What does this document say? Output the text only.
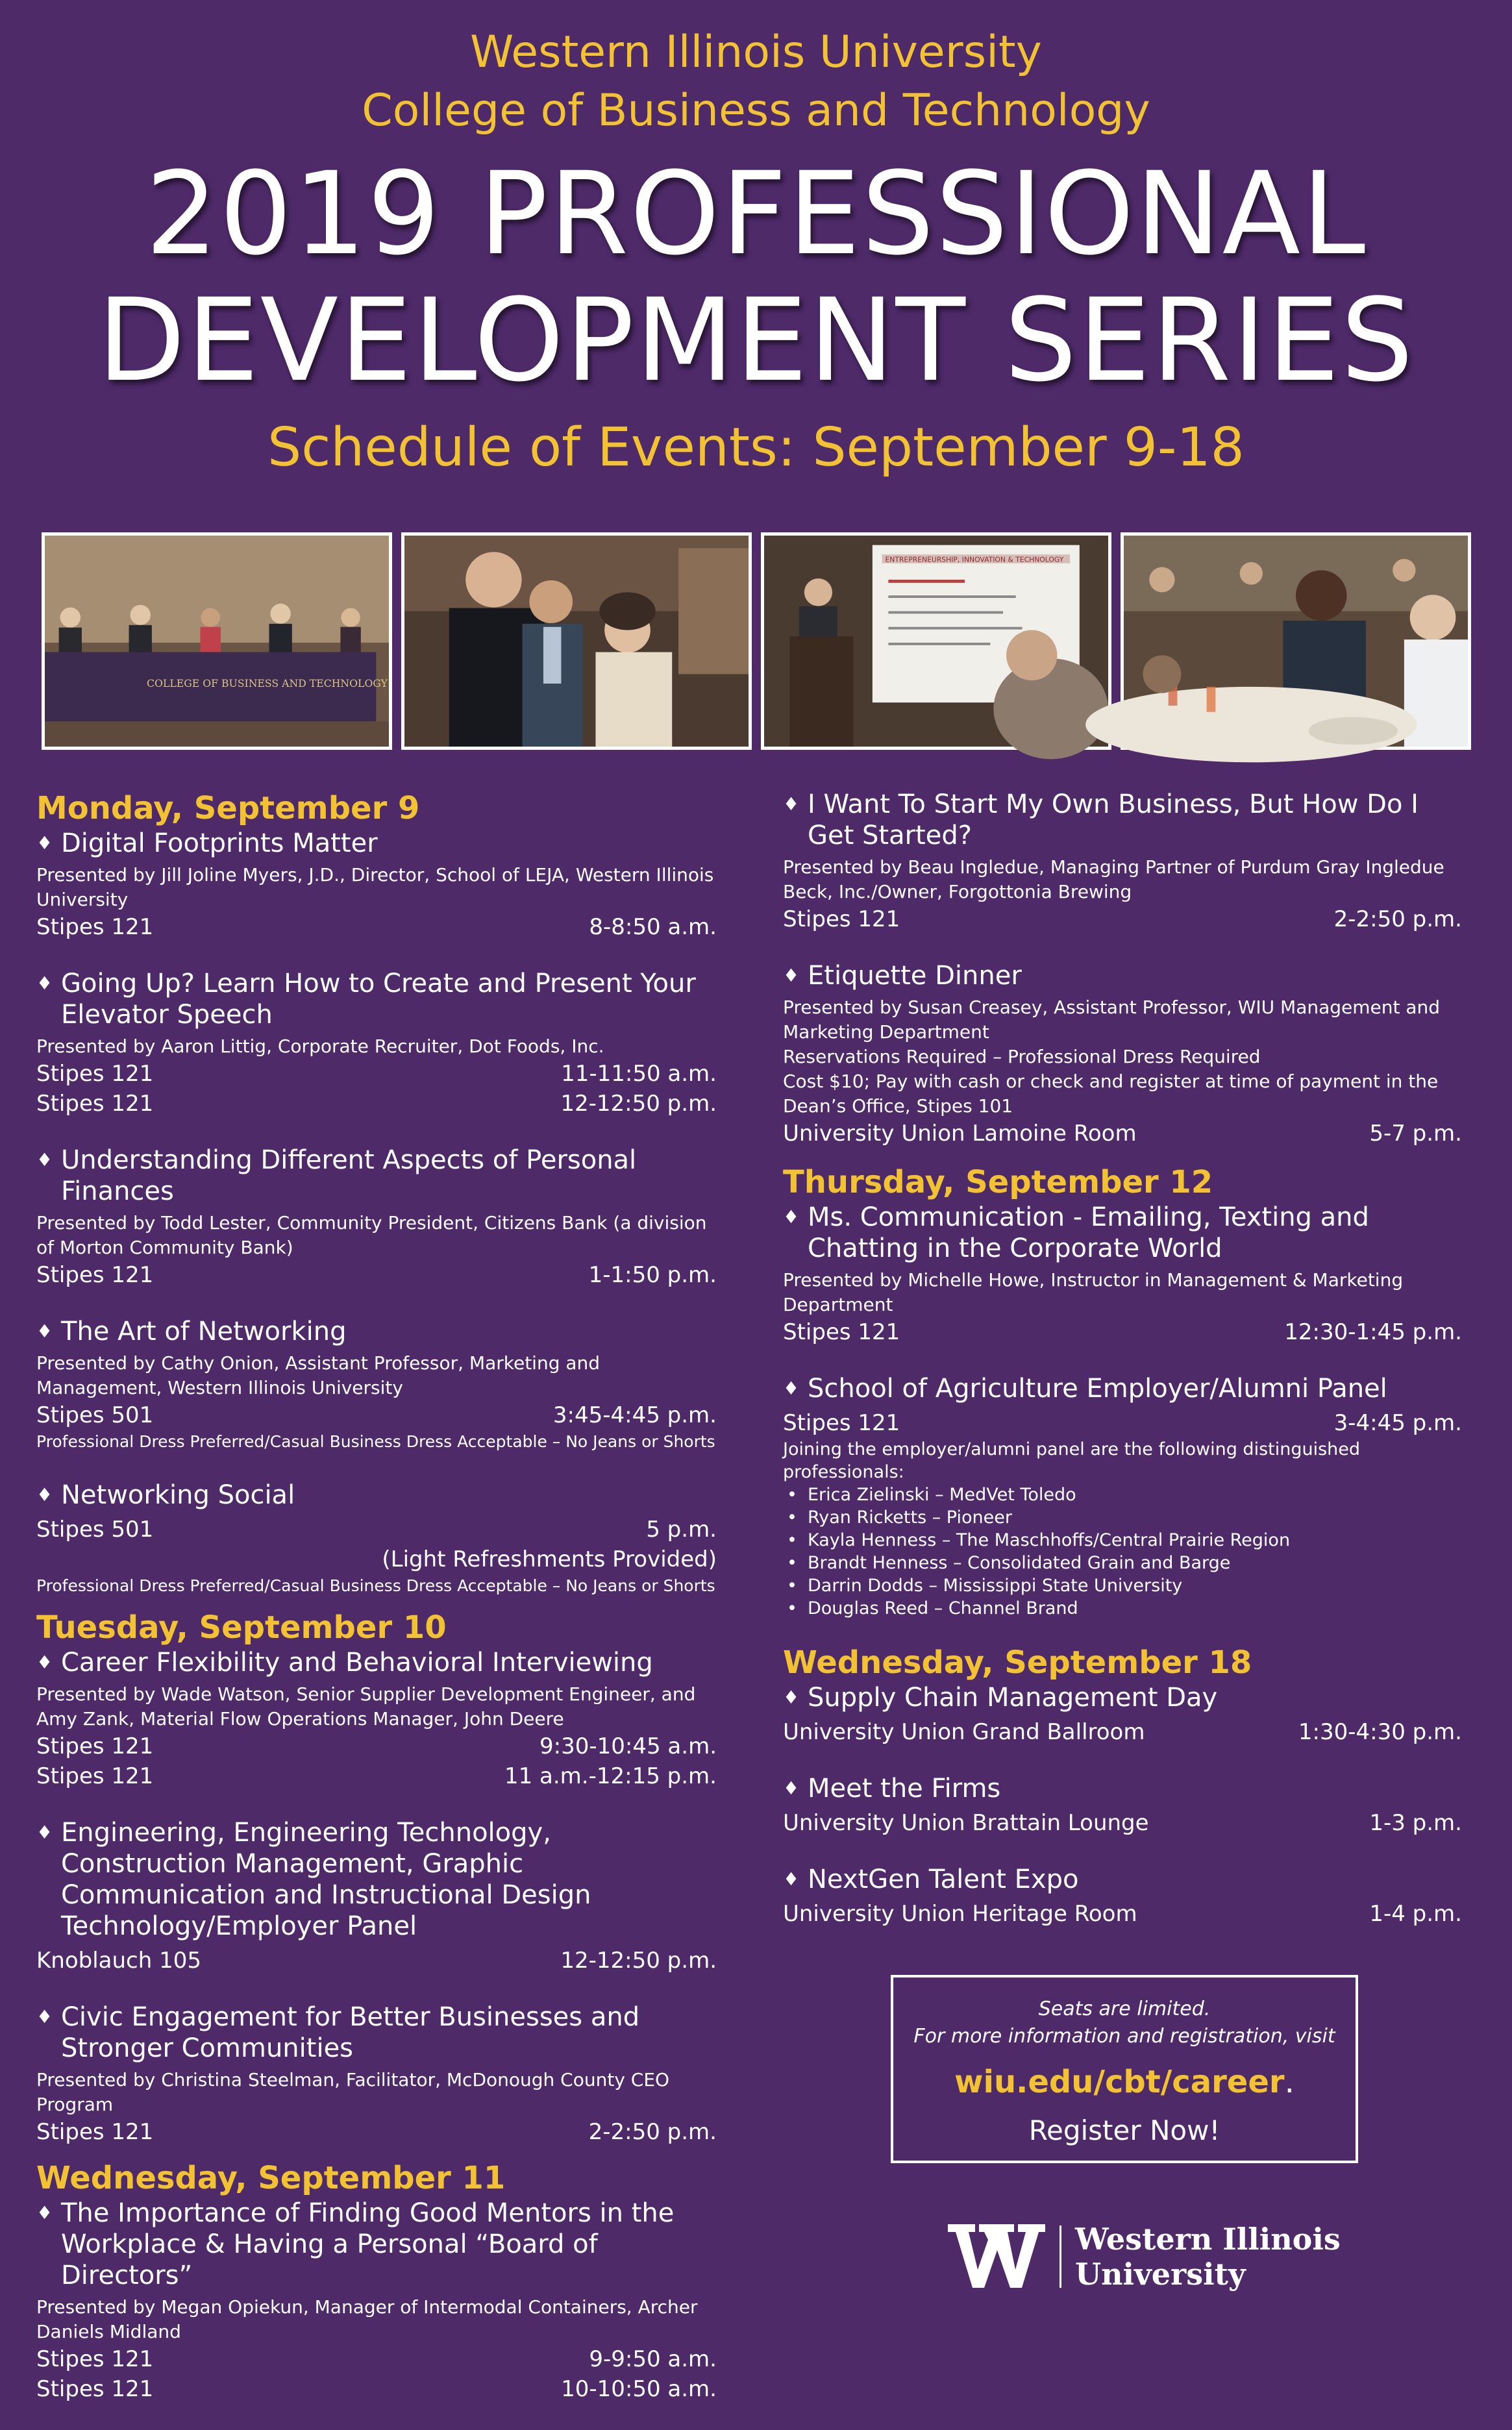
Western Illinois University
College of Business and Technology
2019 PROFESSIONAL
DEVELOPMENT SERIES
Schedule of Events: September 9-18
COLLEGE OF BUSINESS AND TECHNOLOGY
ENTREPRENEURSHIP, INNOVATION & TECHNOLOGY
Monday, September 9
♦ Digital Footprints Matter
Presented by Jill Joline Myers, J.D., Director, School of LEJA, Western Illinois University
Stipes 121	8-8:50 a.m.
♦ Going Up? Learn How to Create and Present Your Elevator Speech
Presented by Aaron Littig, Corporate Recruiter, Dot Foods, Inc.
Stipes 121	11-11:50 a.m.
Stipes 121	12-12:50 p.m.
♦ Understanding Different Aspects of Personal Finances
Presented by Todd Lester, Community President, Citizens Bank (a division of Morton Community Bank)
Stipes 121	1-1:50 p.m.
♦ The Art of Networking
Presented by Cathy Onion, Assistant Professor, Marketing and Management, Western Illinois University
Stipes 501	3:45-4:45 p.m.
Professional Dress Preferred/Casual Business Dress Acceptable – No Jeans or Shorts
♦ Networking Social
Stipes 501	5 p.m.
(Light Refreshments Provided)
Professional Dress Preferred/Casual Business Dress Acceptable – No Jeans or Shorts
Tuesday, September 10
♦ Career Flexibility and Behavioral Interviewing
Presented by Wade Watson, Senior Supplier Development Engineer, and Amy Zank, Material Flow Operations Manager, John Deere
Stipes 121	9:30-10:45 a.m.
Stipes 121	11 a.m.-12:15 p.m.
♦ Engineering, Engineering Technology, Construction Management, Graphic Communication and Instructional Design Technology/Employer Panel
Knoblauch 105	12-12:50 p.m.
♦ Civic Engagement for Better Businesses and Stronger Communities
Presented by Christina Steelman, Facilitator, McDonough County CEO Program
Stipes 121	2-2:50 p.m.
Wednesday, September 11
♦ The Importance of Finding Good Mentors in the Workplace & Having a Personal “Board of Directors”
Presented by Megan Opiekun, Manager of Intermodal Containers, Archer Daniels Midland
Stipes 121	9-9:50 a.m.
Stipes 121	10-10:50 a.m.
♦ I Want To Start My Own Business, But How Do I Get Started?
Presented by Beau Ingledue, Managing Partner of Purdum Gray Ingledue Beck, Inc./Owner, Forgottonia Brewing
Stipes 121	2-2:50 p.m.
♦ Etiquette Dinner
Presented by Susan Creasey, Assistant Professor, WIU Management and Marketing Department
Reservations Required – Professional Dress Required
Cost $10; Pay with cash or check and register at time of payment in the Dean’s Office, Stipes 101
University Union Lamoine Room	5-7 p.m.
Thursday, September 12
♦ Ms. Communication - Emailing, Texting and Chatting in the Corporate World
Presented by Michelle Howe, Instructor in Management & Marketing Department
Stipes 121	12:30-1:45 p.m.
♦ School of Agriculture Employer/Alumni Panel
Stipes 121	3-4:45 p.m.
Joining the employer/alumni panel are the following distinguished professionals:
• Erica Zielinski – MedVet Toledo
• Ryan Ricketts – Pioneer
• Kayla Henness – The Maschhoffs/Central Prairie Region
• Brandt Henness – Consolidated Grain and Barge
• Darrin Dodds – Mississippi State University
• Douglas Reed – Channel Brand
Wednesday, September 18
♦ Supply Chain Management Day
University Union Grand Ballroom	1:30-4:30 p.m.
♦ Meet the Firms
University Union Brattain Lounge	1-3 p.m.
♦ NextGen Talent Expo
University Union Heritage Room	1-4 p.m.
Seats are limited.
For more information and registration, visit
wiu.edu/cbt/career.
Register Now!
Western Illinois
University
